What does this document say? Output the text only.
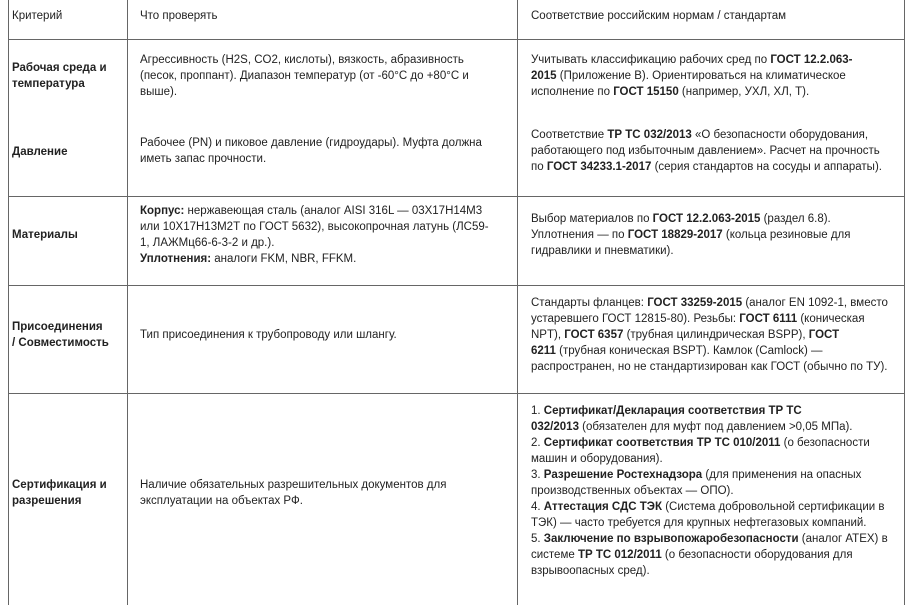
Критерий	Что проверять	Соответствие российским нормам / стандартам

Рабочая среда и

температура

Агрессивность (H2S, CO2, кислоты), вязкость, абразивность

(песок, проппант). Диапазон температур (от -60°C до +80°C и

выше).

Учитывать классификацию рабочих сред по ГОСТ 12.2.063-

2015 (Приложение В). Ориентироваться на климатическое

исполнение по ГОСТ 15150 (например, УХЛ, ХЛ, Т).

Давление

Рабочее (PN) и пиковое давление (гидроудары). Муфта должна

иметь запас прочности.

Соответствие ТР ТС 032/2013 «О безопасности оборудования,

работающего под избыточным давлением». Расчет на прочность

по ГОСТ 34233.1-2017 (серия стандартов на сосуды и аппараты).

Материалы

Корпус: нержавеющая сталь (аналог AISI 316L — 03Х17Н14М3

или 10Х17Н13М2Т по ГОСТ 5632), высокопрочная латунь (ЛС59-

1, ЛАЖМц66-6-3-2 и др.).

Уплотнения: аналоги FKM, NBR, FFKM.

Выбор материалов по ГОСТ 12.2.063-2015 (раздел 6.8).

Уплотнения — по ГОСТ 18829-2017 (кольца резиновые для

гидравлики и пневматики).

Присоединения

/ Совместимость

Тип присоединения к трубопроводу или шлангу.

Стандарты фланцев: ГОСТ 33259-2015 (аналог EN 1092-1, вместо

устаревшего ГОСТ 12815-80). Резьбы: ГОСТ 6111 (коническая

NPT), ГОСТ 6357 (трубная цилиндрическая BSPP), ГОСТ

6211 (трубная коническая BSPT). Камлок (Camlock) —

распространен, но не стандартизирован как ГОСТ (обычно по ТУ).

Сертификация и

разрешения

Наличие обязательных разрешительных документов для

эксплуатации на объектах РФ.

1. Сертификат/Декларация соответствия ТР ТС

032/2013 (обязателен для муфт под давлением >0,05 МПа).

2. Сертификат соответствия ТР ТС 010/2011 (о безопасности

машин и оборудования).

3. Разрешение Ростехнадзора (для применения на опасных

производственных объектах — ОПО).

4. Аттестация СДС ТЭК (Система добровольной сертификации в

ТЭК) — часто требуется для крупных нефтегазовых компаний.

5. Заключение по взрывопожаробезопасности (аналог ATEX) в

системе ТР ТС 012/2011 (о безопасности оборудования для

взрывоопасных сред).
